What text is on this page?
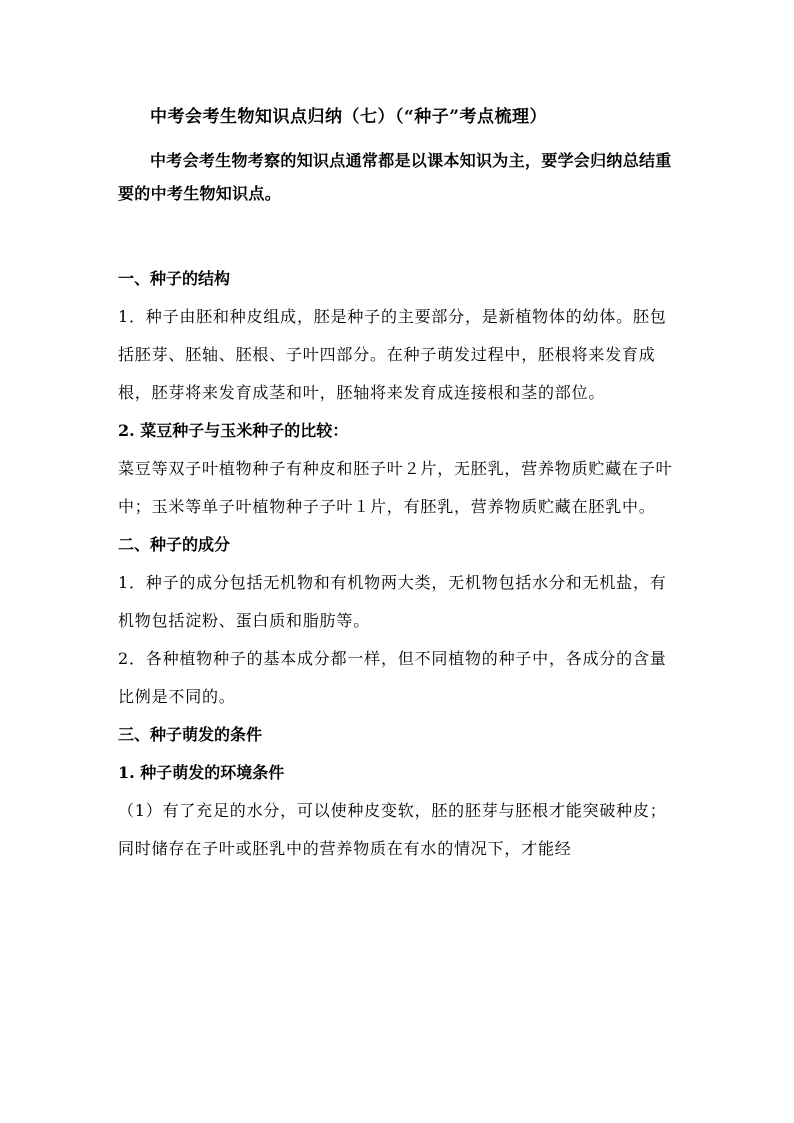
中考会考生物知识点归纳（七）（“种子”考点梳理）
中考会考生物考察的知识点通常都是以课本知识为主，要学会归纳总结重要的中考生物知识点。
一、种子的结构
1．种子由胚和种皮组成，胚是种子的主要部分，是新植物体的幼体。胚包括胚芽、胚轴、胚根、子叶四部分。在种子萌发过程中，胚根将来发育成根，胚芽将来发育成茎和叶，胚轴将来发育成连接根和茎的部位。
2. 菜豆种子与玉米种子的比较：
菜豆等双子叶植物种子有种皮和胚子叶２片，无胚乳，营养物质贮藏在子叶中；玉米等单子叶植物种子子叶１片，有胚乳，营养物质贮藏在胚乳中。
二、种子的成分
1．种子的成分包括无机物和有机物两大类，无机物包括水分和无机盐，有机物包括淀粉、蛋白质和脂肪等。
2．各种植物种子的基本成分都一样，但不同植物的种子中，各成分的含量比例是不同的。
三、种子萌发的条件
1. 种子萌发的环境条件
（1）有了充足的水分，可以使种皮变软，胚的胚芽与胚根才能突破种皮；同时储存在子叶或胚乳中的营养物质在有水的情况下，才能经
